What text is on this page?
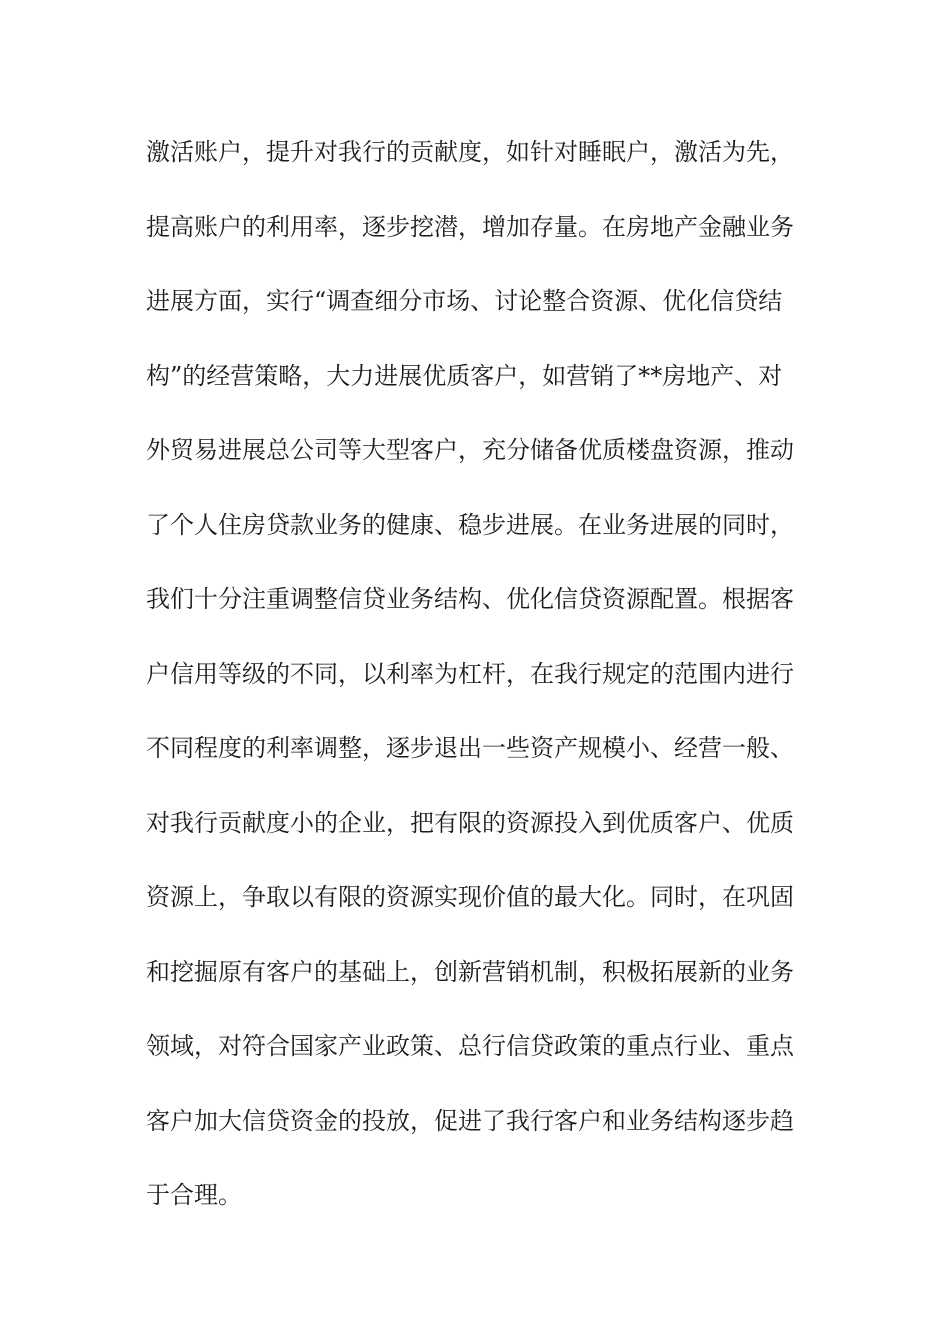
激活账户，提升对我行的贡献度，如针对睡眠户，激活为先，
提高账户的利用率，逐步挖潜，增加存量。在房地产金融业务
进展方面，实行“调查细分市场、讨论整合资源、优化信贷结
构”的经营策略，大力进展优质客户，如营销了**房地产、对
外贸易进展总公司等大型客户，充分储备优质楼盘资源，推动
了个人住房贷款业务的健康、稳步进展。在业务进展的同时，
我们十分注重调整信贷业务结构、优化信贷资源配置。根据客
户信用等级的不同，以利率为杠杆，在我行规定的范围内进行
不同程度的利率调整，逐步退出一些资产规模小、经营一般、
对我行贡献度小的企业，把有限的资源投入到优质客户、优质
资源上，争取以有限的资源实现价值的最大化。同时，在巩固
和挖掘原有客户的基础上，创新营销机制，积极拓展新的业务
领域，对符合国家产业政策、总行信贷政策的重点行业、重点
客户加大信贷资金的投放，促进了我行客户和业务结构逐步趋
于合理。
